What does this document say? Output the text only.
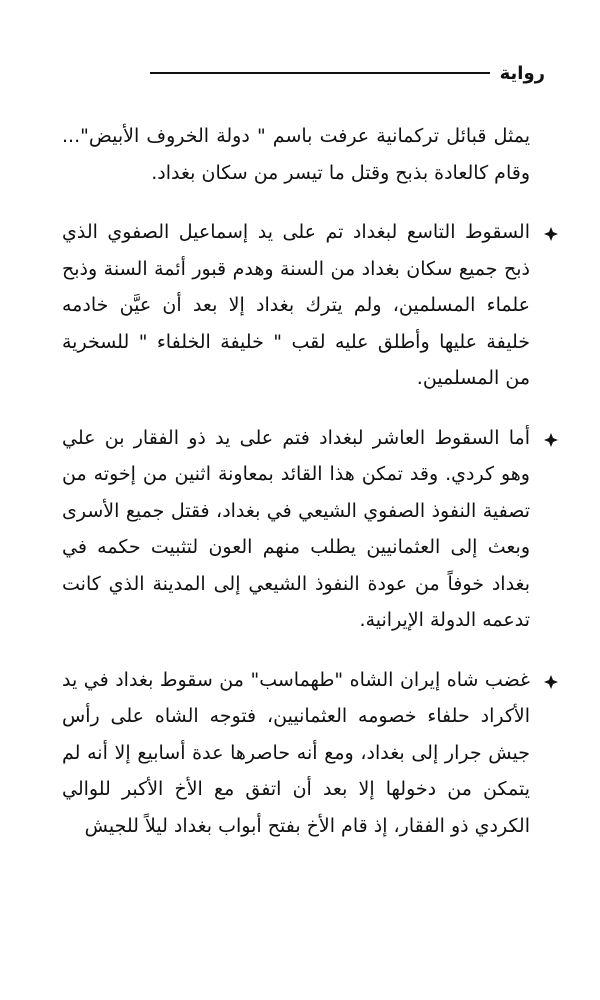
رواية

يمثل قبائل تركمانية عرفت باسم " دولة الخروف الأبيض"... وقام كالعادة بذبح وقتل ما تيسر من سكان بغداد.

السقوط التاسع لبغداد تم على يد إسماعيل الصفوي الذي ذبح جميع سكان بغداد من السنة وهدم قبور أئمة السنة وذبح علماء المسلمين، ولم يترك بغداد إلا بعد أن عيَّن خادمه خليفة عليها وأطلق عليه لقب " خليفة الخلفاء " للسخرية من المسلمين.

أما السقوط العاشر لبغداد فتم على يد ذو الفقار بن علي وهو كردي. وقد تمكن هذا القائد بمعاونة اثنين من إخوته من تصفية النفوذ الصفوي الشيعي في بغداد، فقتل جميع الأسرى وبعث إلى العثمانيين يطلب منهم العون لتثبيت حكمه في بغداد خوفاً من عودة النفوذ الشيعي إلى المدينة الذي كانت تدعمه الدولة الإيرانية.

غضب شاه إيران الشاه "طهماسب" من سقوط بغداد في يد الأكراد حلفاء خصومه العثمانيين، فتوجه الشاه على رأس جيش جرار إلى بغداد، ومع أنه حاصرها عدة أسابيع إلا أنه لم يتمكن من دخولها إلا بعد أن اتفق مع الأخ الأكبر للوالي الكردي ذو الفقار، إذ قام الأخ بفتح أبواب بغداد ليلاً للجيش
